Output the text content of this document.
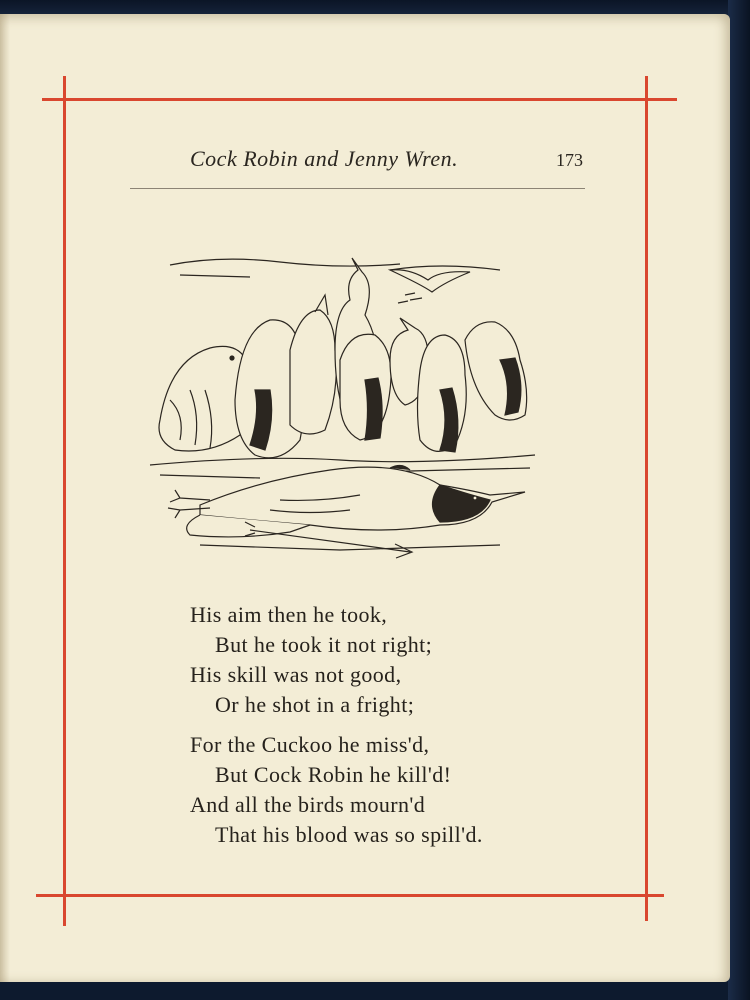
Cock Robin and Jenny Wren.	173
His aim then he took,
But he took it not right;
His skill was not good,
Or he shot in a fright;
For the Cuckoo he miss'd,
But Cock Robin he kill'd!
And all the birds mourn'd
That his blood was so spill'd.
